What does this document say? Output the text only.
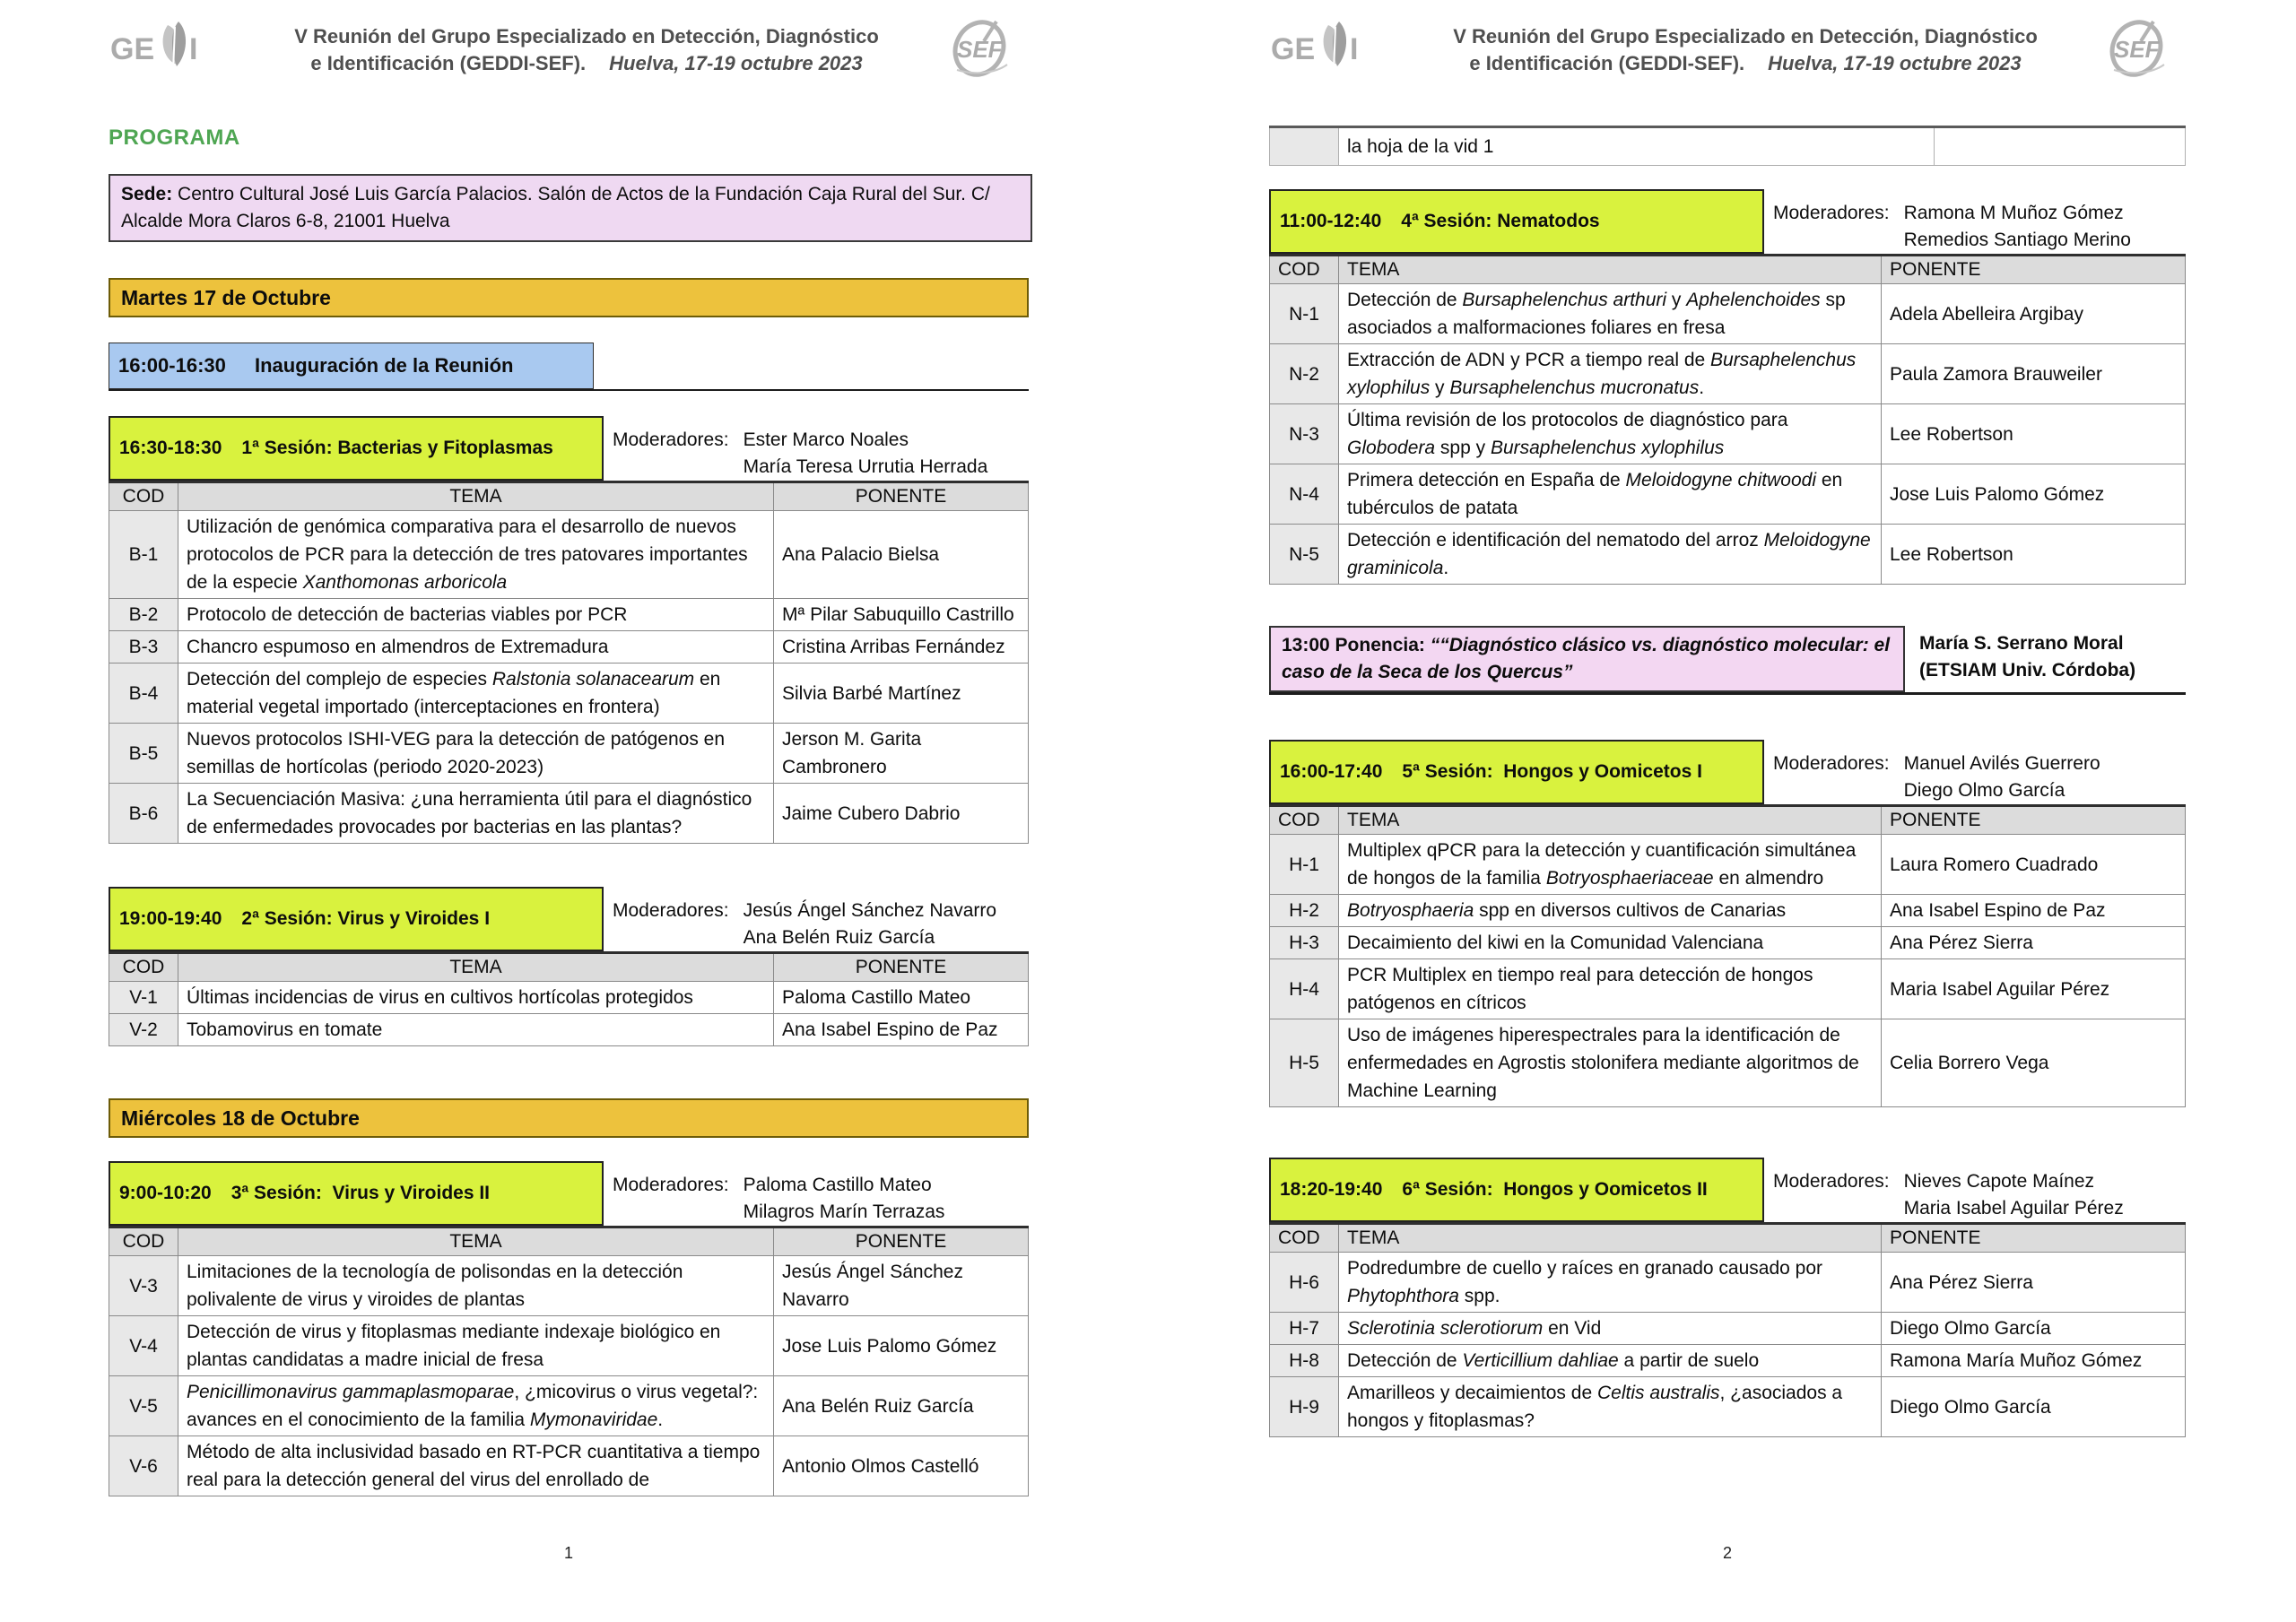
GE I	V Reunión del Grupo Especializado en Detección, Diagnóstico
e Identificación (GEDDI-SEF). Huelva, 17-19 octubre 2023
SEF
PROGRAMA
Sede: Centro Cultural José Luis García Palacios. Salón de Actos de la Fundación Caja Rural del Sur. C/ Alcalde Mora Claros 6-8, 21001 Huelva
Martes 17 de Octubre
16:00-16:30 Inauguración de la Reunión
16:30-18:30 1ª Sesión: Bacterias y Fitoplasmas	Moderadores: Ester Marco Noales
María Teresa Urrutia Herrada
COD	TEMA	PONENTE
B-1	Utilización de genómica comparativa para el desarrollo de nuevos protocolos de PCR para la detección de tres patovares importantes de la especie Xanthomonas arboricola	Ana Palacio Bielsa
B-2	Protocolo de detección de bacterias viables por PCR	Mª Pilar Sabuquillo Castrillo
B-3	Chancro espumoso en almendros de Extremadura	Cristina Arribas Fernández
B-4	Detección del complejo de especies Ralstonia solanacearum en material vegetal importado (interceptaciones en frontera)	Silvia Barbé Martínez
B-5	Nuevos protocolos ISHI-VEG para la detección de patógenos en semillas de hortícolas (periodo 2020-2023)	Jerson M. Garita Cambronero
B-6	La Secuenciación Masiva: ¿una herramienta útil para el diagnóstico de enfermedades provocades por bacterias en las plantas?	Jaime Cubero Dabrio
19:00-19:40 2ª Sesión: Virus y Viroides I	Moderadores: Jesús Ángel Sánchez Navarro
Ana Belén Ruiz García
COD	TEMA	PONENTE
V-1	Últimas incidencias de virus en cultivos hortícolas protegidos	Paloma Castillo Mateo
V-2	Tobamovirus en tomate	Ana Isabel Espino de Paz
Miércoles 18 de Octubre
9:00-10:20 3ª Sesión:  Virus y Viroides II	Moderadores: Paloma Castillo Mateo
Milagros Marín Terrazas
COD	TEMA	PONENTE
V-3	Limitaciones de la tecnología de polisondas en la detección polivalente de virus y viroides de plantas	Jesús Ángel Sánchez Navarro
V-4	Detección de virus y fitoplasmas mediante indexaje biológico en plantas candidatas a madre inicial de fresa	Jose Luis Palomo Gómez
V-5	Penicillimonavirus gammaplasmoparae, ¿micovirus o virus vegetal?: avances en el conocimiento de la familia Mymonaviridae.	Ana Belén Ruiz García
V-6	Método de alta inclusividad basado en RT-PCR cuantitativa a tiempo real para la detección general del virus del enrollado de	Antonio Olmos Castelló
1
GE I	V Reunión del Grupo Especializado en Detección, Diagnóstico
e Identificación (GEDDI-SEF). Huelva, 17-19 octubre 2023
SEF
	la hoja de la vid 1	
11:00-12:40 4ª Sesión: Nematodos	Moderadores: Ramona M Muñoz Gómez
Remedios Santiago Merino
COD	TEMA	PONENTE
N-1	Detección de Bursaphelenchus arthuri y Aphelenchoides sp asociados a malformaciones foliares en fresa	Adela Abelleira Argibay
N-2	Extracción de ADN y PCR a tiempo real de Bursaphelenchus xylophilus y Bursaphelenchus mucronatus.	Paula Zamora Brauweiler
N-3	Última revisión de los protocolos de diagnóstico para Globodera spp y Bursaphelenchus xylophilus	Lee Robertson
N-4	Primera detección en España de Meloidogyne chitwoodi en tubérculos de patata	Jose Luis Palomo Gómez
N-5	Detección e identificación del nematodo del arroz Meloidogyne graminicola.	Lee Robertson
13:00 Ponencia: ““Diagnóstico clásico vs. diagnóstico molecular: el caso de la Seca de los Quercus”
María S. Serrano Moral
(ETSIAM Univ. Córdoba)
16:00-17:40 5ª Sesión:  Hongos y Oomicetos I	Moderadores: Manuel Avilés Guerrero
Diego Olmo García
COD	TEMA	PONENTE
H-1	Multiplex qPCR para la detección y cuantificación simultánea de hongos de la familia Botryosphaeriaceae en almendro	Laura Romero Cuadrado
H-2	Botryosphaeria spp en diversos cultivos de Canarias	Ana Isabel Espino de Paz
H-3	Decaimiento del kiwi en la Comunidad Valenciana	Ana Pérez Sierra
H-4	PCR Multiplex en tiempo real para detección de hongos patógenos en cítricos	Maria Isabel Aguilar Pérez
H-5	Uso de imágenes hiperespectrales para la identificación de enfermedades en Agrostis stolonifera mediante algoritmos de Machine Learning	Celia Borrero Vega
18:20-19:40 6ª Sesión:  Hongos y Oomicetos II	Moderadores: Nieves Capote Maínez
Maria Isabel Aguilar Pérez
COD	TEMA	PONENTE
H-6	Podredumbre de cuello y raíces en granado causado por Phytophthora spp.	Ana Pérez Sierra
H-7	Sclerotinia sclerotiorum en Vid	Diego Olmo García
H-8	Detección de Verticillium dahliae a partir de suelo	Ramona María Muñoz Gómez
H-9	Amarilleos y decaimientos de Celtis australis, ¿asociados a hongos y fitoplasmas?	Diego Olmo García
2
